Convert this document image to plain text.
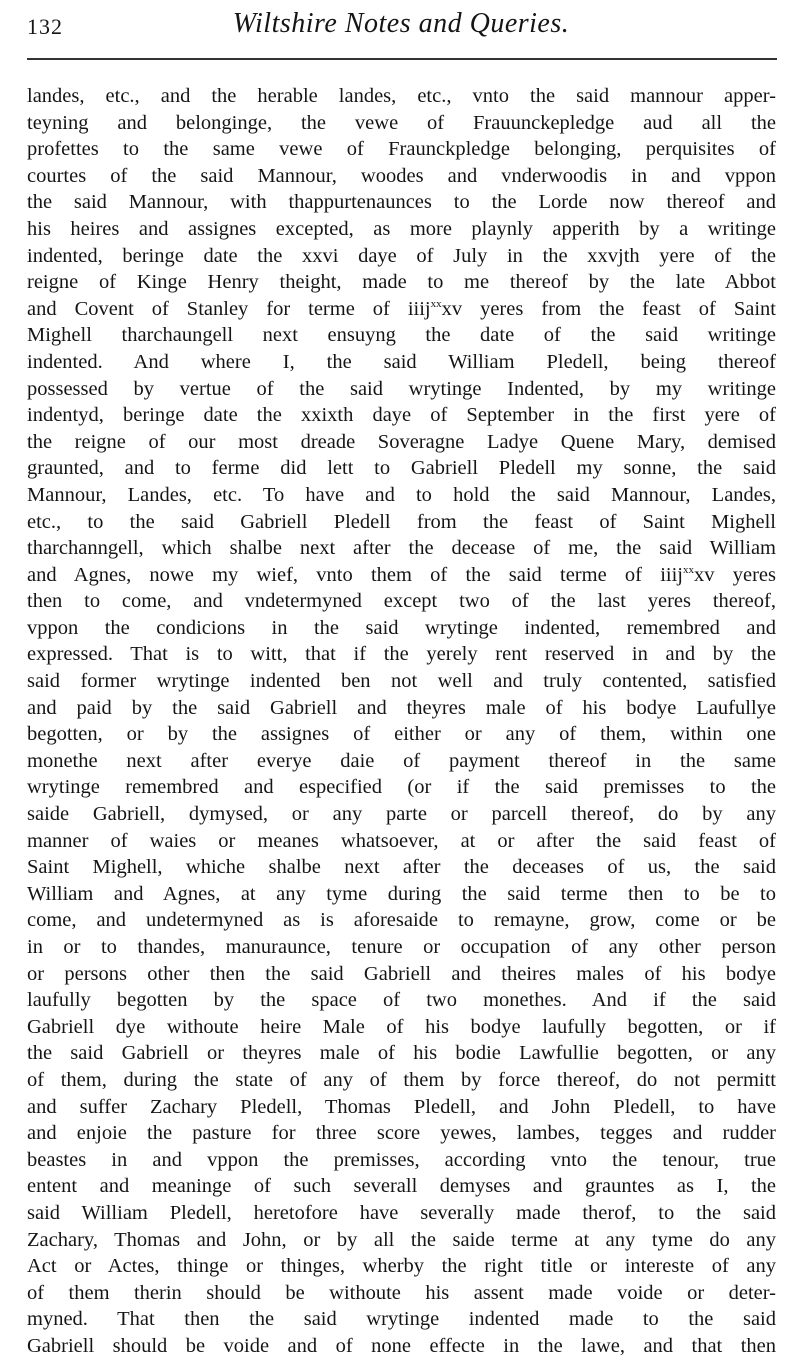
132	Wiltshire Notes and Queries.
landes, etc., and the herable landes, etc., vnto the said mannour apper-
teyning and belonginge, the vewe of Frauunckepledge aud all the
profettes to the same vewe of Fraunckpledge belonging, perquisites of
courtes of the said Mannour, woodes and vnderwoodis in and vppon
the said Mannour, with thappurtenaunces to the Lorde now thereof and
his heires and assignes excepted, as more playnly apperith by a writinge
indented, beringe date the xxvi daye of July in the xxvjth yere of the
reigne of Kinge Henry theight, made to me thereof by the late Abbot
and Covent of Stanley for terme of iiij$^{xx}$xv yeres from the feast of Saint
Mighell tharchaungell next ensuyng the date of the said writinge
indented. And where I, the said William Pledell, being thereof
possessed by vertue of the said wrytinge Indented, by my writinge
indentyd, beringe date the xxixth daye of September in the first yere of
the reigne of our most dreade Soveragne Ladye Quene Mary, demised
graunted, and to ferme did lett to Gabriell Pledell my sonne, the said
Mannour, Landes, etc. To have and to hold the said Mannour, Landes,
etc., to the said Gabriell Pledell from the feast of Saint Mighell
tharchanngell, which shalbe next after the decease of me, the said William
and Agnes, nowe my wief, vnto them of the said terme of iiij$^{xx}$xv yeres
then to come, and vndetermyned except two of the last yeres thereof,
vppon the condicions in the said wrytinge indented, remembred and
expressed. That is to witt, that if the yerely rent reserved in and by the
said former wrytinge indented ben not well and truly contented, satisfied
and paid by the said Gabriell and theyres male of his bodye Laufullye
begotten, or by the assignes of either or any of them, within one
monethe next after everye daie of payment thereof in the same
wrytinge remembred and especified (or if the said premisses to the
saide Gabriell, dymysed, or any parte or parcell thereof, do by any
manner of waies or meanes whatsoever, at or after the said feast of
Saint Mighell, whiche shalbe next after the deceases of us, the said
William and Agnes, at any tyme during the said terme then to be to
come, and undetermyned as is aforesaide to remayne, grow, come or be
in or to thandes, manuraunce, tenure or occupation of any other person
or persons other then the said Gabriell and theires males of his bodye
laufully begotten by the space of two monethes. And if the said
Gabriell dye withoute heire Male of his bodye laufully begotten, or if
the said Gabriell or theyres male of his bodie Lawfullie begotten, or any
of them, during the state of any of them by force thereof, do not permitt
and suffer Zachary Pledell, Thomas Pledell, and John Pledell, to have
and enjoie the pasture for three score yewes, lambes, tegges and rudder
beastes in and vppon the premisses, according vnto the tenour, true
entent and meaninge of such severall demyses and grauntes as I, the
said William Pledell, heretofore have severally made therof, to the said
Zachary, Thomas and John, or by all the saide terme at any tyme do any
Act or Actes, thinge or thinges, wherby the right title or intereste of any
of them therin should be withoute his assent made voide or deter-
myned. That then the said wrytinge indented made to the said
Gabriell should be voide and of none effecte in the lawe, and that then
